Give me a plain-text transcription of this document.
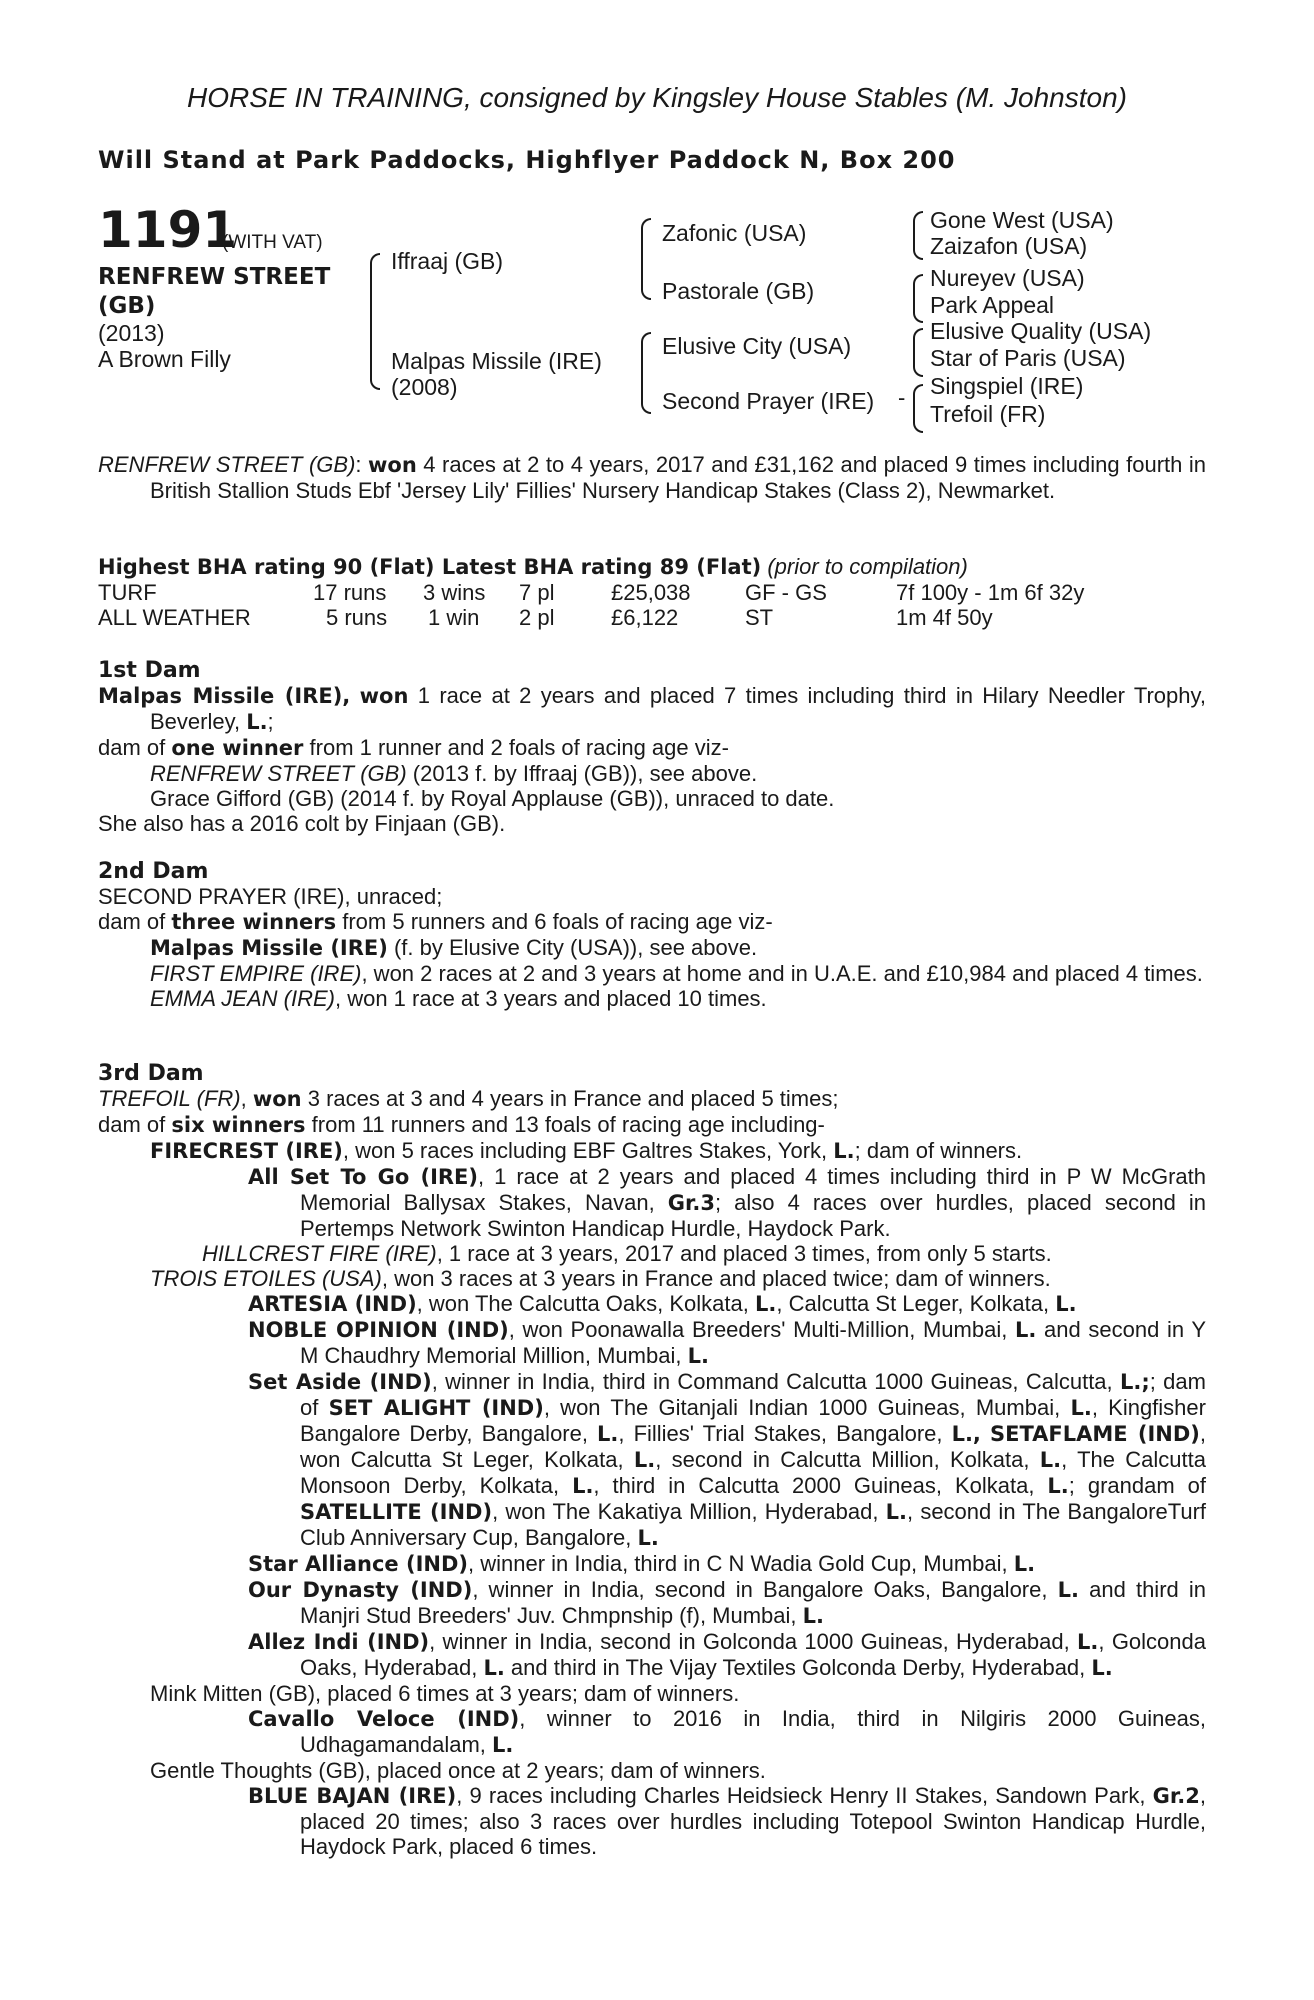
HORSE IN TRAINING, consigned by Kingsley House Stables (M. Johnston)
Will Stand at Park Paddocks, Highflyer Paddock N, Box 200
1191
(WITH VAT)
RENFREW STREET
(GB)
(2013)
A Brown Filly
Iffraaj (GB)
Malpas Missile (IRE)
(2008)
Zafonic (USA)
Pastorale (GB)
Elusive City (USA)
Second Prayer (IRE)
Gone West (USA)
Zaizafon (USA)
Nureyev (USA)
Park Appeal
Elusive Quality (USA)
Star of Paris (USA)
Singspiel (IRE)
Trefoil (FR)
-

RENFREW STREET (GB): won 4 races at 2 to 4 years, 2017 and £31,162 and placed 9 times including fourth in British Stallion Studs Ebf 'Jersey Lily' Fillies' Nursery Handicap Stakes (Class 2), Newmarket.

Highest BHA rating 90 (Flat) Latest BHA rating 89 (Flat) (prior to compilation)
TURF	17 runs 3 wins 7 pl	£25,038 GF - GS	7f 100y - 1m 6f 32y
ALL WEATHER	5 runs 1 win 2 pl	£6,122	ST	1m 4f 50y

1st Dam

Malpas Missile (IRE), won 1 race at 2 years and placed 7 times including third in Hilary Needler Trophy, Beverley, L.;

dam of one winner from 1 runner and 2 foals of racing age viz-

RENFREW STREET (GB) (2013 f. by Iffraaj (GB)), see above.

Grace Gifford (GB) (2014 f. by Royal Applause (GB)), unraced to date.

She also has a 2016 colt by Finjaan (GB).

2nd Dam

SECOND PRAYER (IRE), unraced;

dam of three winners from 5 runners and 6 foals of racing age viz-

Malpas Missile (IRE) (f. by Elusive City (USA)), see above.

FIRST EMPIRE (IRE), won 2 races at 2 and 3 years at home and in U.A.E. and £10,984 and placed 4 times.

EMMA JEAN (IRE), won 1 race at 3 years and placed 10 times.

3rd Dam

TREFOIL (FR), won 3 races at 3 and 4 years in France and placed 5 times;

dam of six winners from 11 runners and 13 foals of racing age including-

FIRECREST (IRE), won 5 races including EBF Galtres Stakes, York, L.; dam of winners.

All Set To Go (IRE), 1 race at 2 years and placed 4 times including third in P W McGrath Memorial Ballysax Stakes, Navan, Gr.3; also 4 races over hurdles, placed second in Pertemps Network Swinton Handicap Hurdle, Haydock Park.

HILLCREST FIRE (IRE), 1 race at 3 years, 2017 and placed 3 times, from only 5 starts.

TROIS ETOILES (USA), won 3 races at 3 years in France and placed twice; dam of winners.

ARTESIA (IND), won The Calcutta Oaks, Kolkata, L., Calcutta St Leger, Kolkata, L.

NOBLE OPINION (IND), won Poonawalla Breeders' Multi-Million, Mumbai, L. and second in Y M Chaudhry Memorial Million, Mumbai, L.

Set Aside (IND), winner in India, third in Command Calcutta 1000 Guineas, Calcutta, L.;; dam of SET ALIGHT (IND), won The Gitanjali Indian 1000 Guineas, Mumbai, L., Kingfisher Bangalore Derby, Bangalore, L., Fillies' Trial Stakes, Bangalore, L., SETAFLAME (IND), won Calcutta St Leger, Kolkata, L., second in Calcutta Million, Kolkata, L., The Calcutta Monsoon Derby, Kolkata, L., third in Calcutta 2000 Guineas, Kolkata, L.; grandam of SATELLITE (IND), won The Kakatiya Million, Hyderabad, L., second in The BangaloreTurf Club Anniversary Cup, Bangalore, L.

Star Alliance (IND), winner in India, third in C N Wadia Gold Cup, Mumbai, L.

Our Dynasty (IND), winner in India, second in Bangalore Oaks, Bangalore, L. and third in Manjri Stud Breeders' Juv. Chmpnship (f), Mumbai, L.

Allez Indi (IND), winner in India, second in Golconda 1000 Guineas, Hyderabad, L., Golconda Oaks, Hyderabad, L. and third in The Vijay Textiles Golconda Derby, Hyderabad, L.

Mink Mitten (GB), placed 6 times at 3 years; dam of winners.

Cavallo Veloce (IND), winner to 2016 in India, third in Nilgiris 2000 Guineas, Udhagamandalam, L.

Gentle Thoughts (GB), placed once at 2 years; dam of winners.

BLUE BAJAN (IRE), 9 races including Charles Heidsieck Henry II Stakes, Sandown Park, Gr.2, placed 20 times; also 3 races over hurdles including Totepool Swinton Handicap Hurdle, Haydock Park, placed 6 times.
